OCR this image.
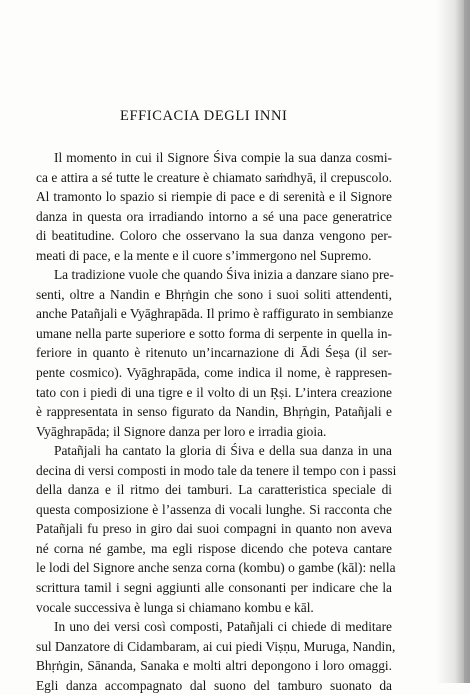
EFFICACIA DEGLI INNI
Il momento in cui il Signore Śiva compie la sua danza cosmi-
ca e attira a sé tutte le creature è chiamato saṁdhyā, il crepuscolo.
Al tramonto lo spazio si riempie di pace e di serenità e il Signore
danza in questa ora irradiando intorno a sé una pace generatrice
di beatitudine. Coloro che osservano la sua danza vengono per-
meati di pace, e la mente e il cuore s’immergono nel Supremo.
La tradizione vuole che quando Śiva inizia a danzare siano pre-
senti, oltre a Nandin e Bhṛṅgin che sono i suoi soliti attendenti,
anche Patañjali e Vyāghrapāda. Il primo è raffigurato in sembianze
umane nella parte superiore e sotto forma di serpente in quella in-
feriore in quanto è ritenuto un’incarnazione di Ādi Śeṣa (il ser-
pente cosmico). Vyāghrapāda, come indica il nome, è rappresen-
tato con i piedi di una tigre e il volto di un Ṛṣi. L’intera creazione
è rappresentata in senso figurato da Nandin, Bhṛṅgin, Patañjali e
Vyāghrapāda; il Signore danza per loro e irradia gioia.
Patañjali ha cantato la gloria di Śiva e della sua danza in una
decina di versi composti in modo tale da tenere il tempo con i passi
della danza e il ritmo dei tamburi. La caratteristica speciale di
questa composizione è l’assenza di vocali lunghe. Si racconta che
Patañjali fu preso in giro dai suoi compagni in quanto non aveva
né corna né gambe, ma egli rispose dicendo che poteva cantare
le lodi del Signore anche senza corna (kombu) o gambe (kāl): nella
scrittura tamil i segni aggiunti alle consonanti per indicare che la
vocale successiva è lunga si chiamano kombu e kāl.
In uno dei versi così composti, Patañjali ci chiede di meditare
sul Danzatore di Cidambaram, ai cui piedi Viṣṇu, Muruga, Nandin,
Bhṛṅgin, Sānanda, Sanaka e molti altri depongono i loro omaggi.
Egli danza accompagnato dal suono del tamburo suonato da
